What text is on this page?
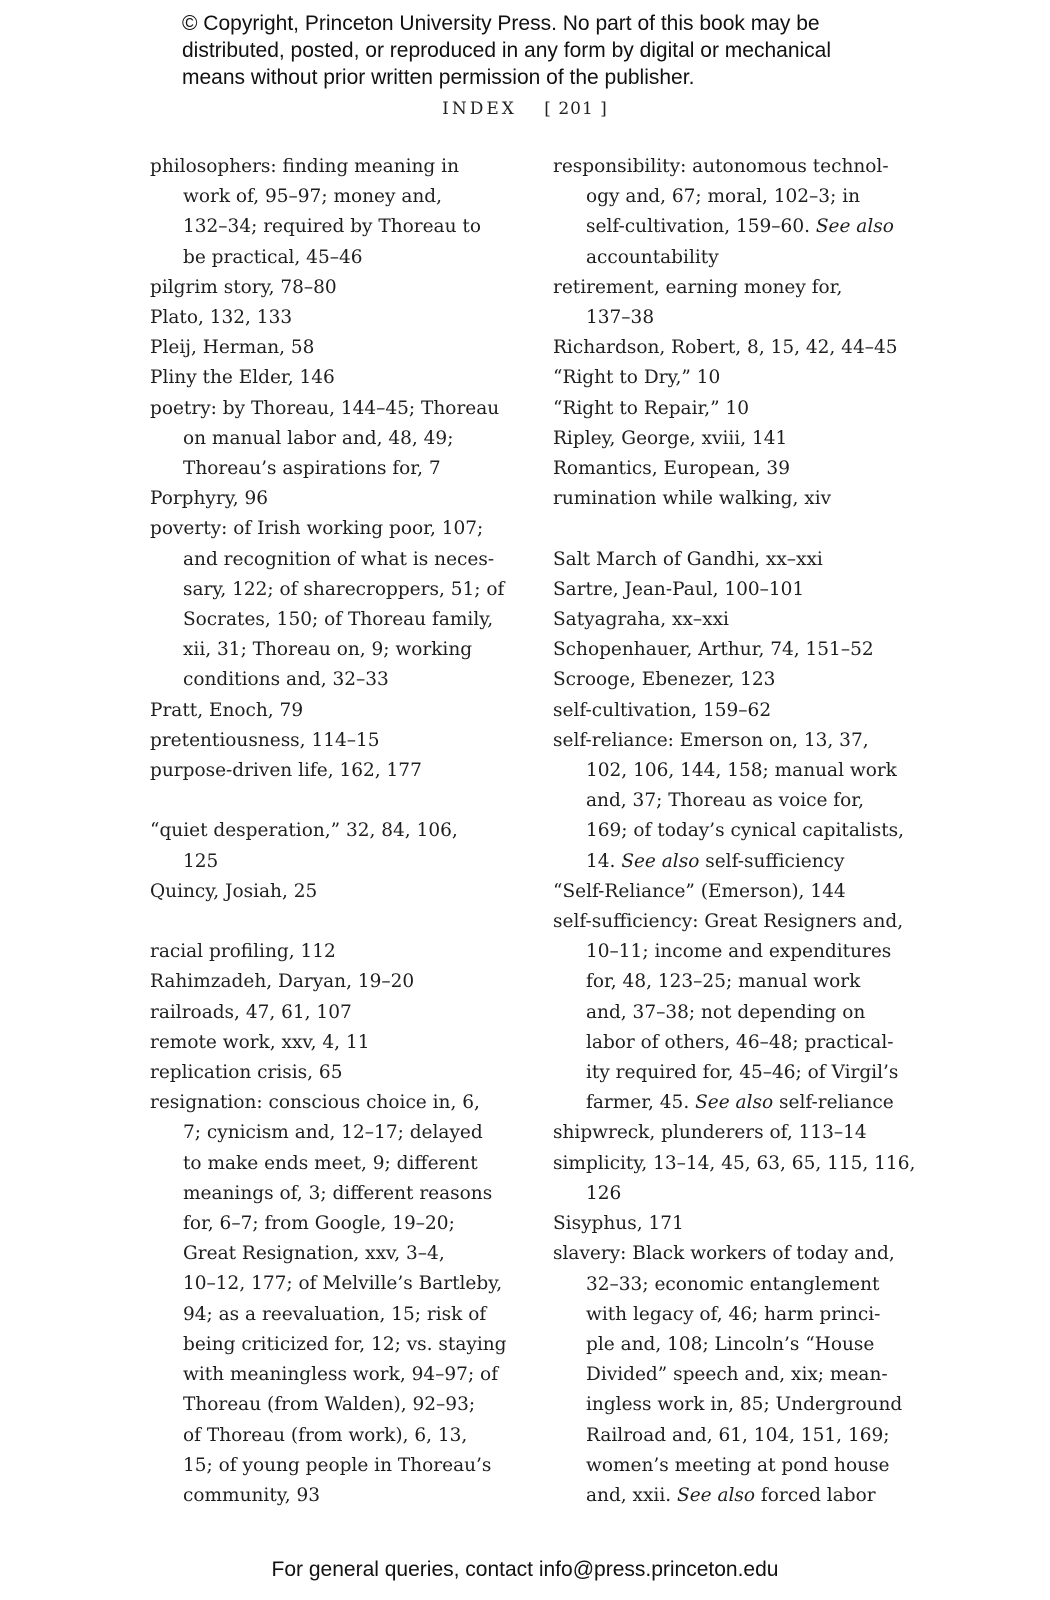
© Copyright, Princeton University Press. No part of this book may be
distributed, posted, or reproduced in any form by digital or mechanical
means without prior written permission of the publisher.
INDEX [ 201 ]
philosophers: finding meaning in
work of, 95–97; money and,
132–34; required by Thoreau to
be practical, 45–46
pilgrim story, 78–80
Plato, 132, 133
Pleij, Herman, 58
Pliny the Elder, 146
poetry: by Thoreau, 144–45; Thoreau
on manual labor and, 48, 49;
Thoreau’s aspirations for, 7
Porphyry, 96
poverty: of Irish working poor, 107;
and recognition of what is neces-
sary, 122; of sharecroppers, 51; of
Socrates, 150; of Thoreau family,
xii, 31; Thoreau on, 9; working
conditions and, 32–33
Pratt, Enoch, 79
pretentiousness, 114–15
purpose-driven life, 162, 177
“quiet desperation,” 32, 84, 106,
125
Quincy, Josiah, 25
racial profiling, 112
Rahimzadeh, Daryan, 19–20
railroads, 47, 61, 107
remote work, xxv, 4, 11
replication crisis, 65
resignation: conscious choice in, 6,
7; cynicism and, 12–17; delayed
to make ends meet, 9; different
meanings of, 3; different reasons
for, 6–7; from Google, 19–20;
Great Resignation, xxv, 3–4,
10–12, 177; of Melville’s Bartleby,
94; as a reevaluation, 15; risk of
being criticized for, 12; vs. staying
with meaningless work, 94–97; of
Thoreau (from Walden), 92–93;
of Thoreau (from work), 6, 13,
15; of young people in Thoreau’s
community, 93
responsibility: autonomous technol-
ogy and, 67; moral, 102–3; in
self-cultivation, 159–60. See also
accountability
retirement, earning money for,
137–38
Richardson, Robert, 8, 15, 42, 44–45
“Right to Dry,” 10
“Right to Repair,” 10
Ripley, George, xviii, 141
Romantics, European, 39
rumination while walking, xiv
Salt March of Gandhi, xx–xxi
Sartre, Jean-Paul, 100–101
Satyagraha, xx–xxi
Schopenhauer, Arthur, 74, 151–52
Scrooge, Ebenezer, 123
self-cultivation, 159–62
self-reliance: Emerson on, 13, 37,
102, 106, 144, 158; manual work
and, 37; Thoreau as voice for,
169; of today’s cynical capitalists,
14. See also self-sufficiency
“Self-Reliance” (Emerson), 144
self-sufficiency: Great Resigners and,
10–11; income and expenditures
for, 48, 123–25; manual work
and, 37–38; not depending on
labor of others, 46–48; practical-
ity required for, 45–46; of Virgil’s
farmer, 45. See also self-reliance
shipwreck, plunderers of, 113–14
simplicity, 13–14, 45, 63, 65, 115, 116,
126
Sisyphus, 171
slavery: Black workers of today and,
32–33; economic entanglement
with legacy of, 46; harm princi-
ple and, 108; Lincoln’s “House
Divided” speech and, xix; mean-
ingless work in, 85; Underground
Railroad and, 61, 104, 151, 169;
women’s meeting at pond house
and, xxii. See also forced labor
For general queries, contact info@press.princeton.edu
